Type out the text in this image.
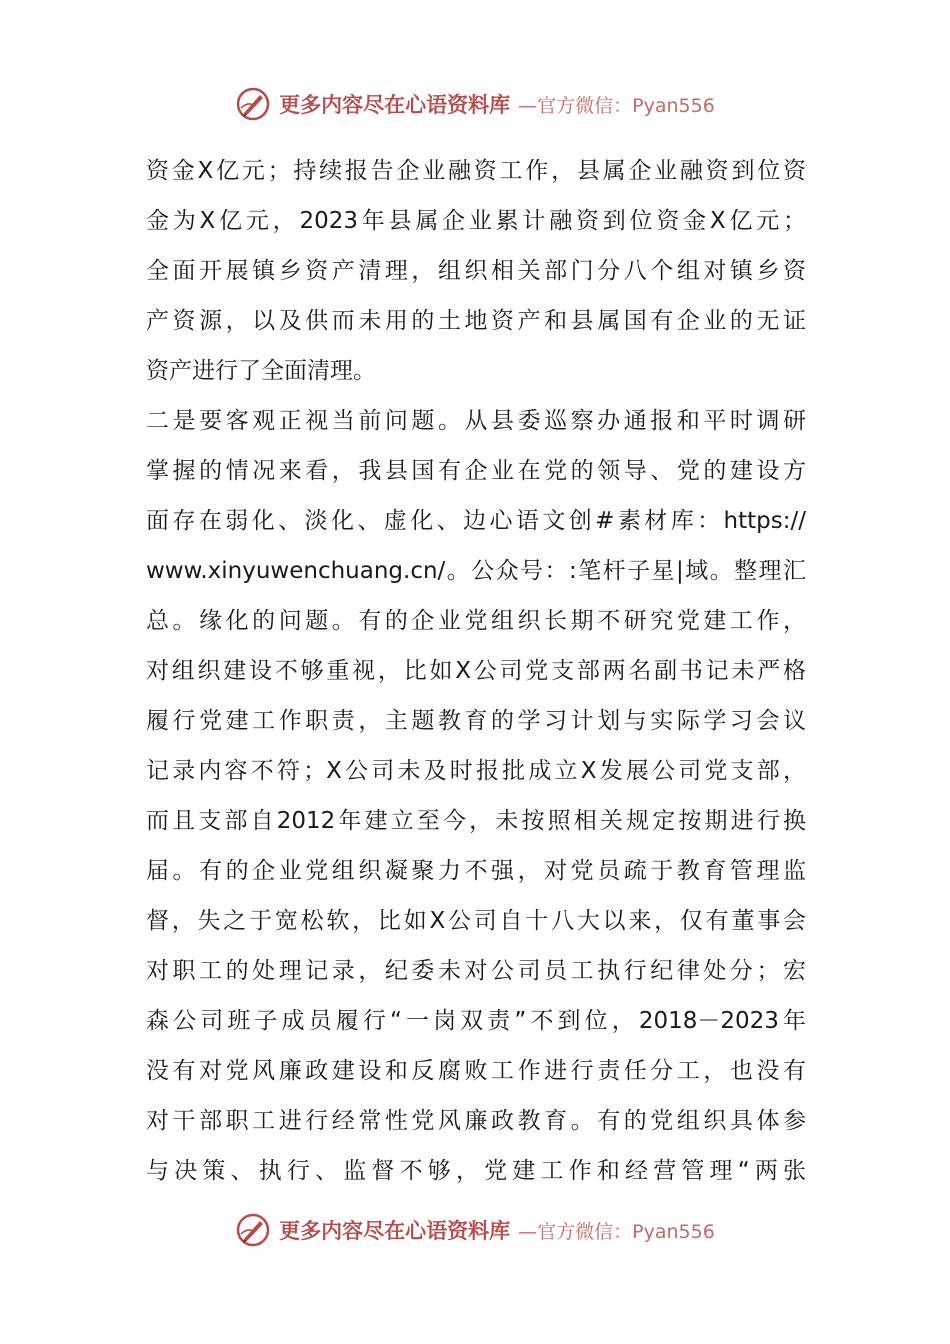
更多内容尽在心语资料库 —官方微信：Pyan556
资金X亿元；持续报告企业融资工作，县属企业融资到位资
金为X亿元，2023年县属企业累计融资到位资金X亿元；
全面开展镇乡资产清理，组织相关部门分八个组对镇乡资
产资源，以及供而未用的土地资产和县属国有企业的无证
资产进行了全面清理。
二是要客观正视当前问题。从县委巡察办通报和平时调研
掌握的情况来看，我县国有企业在党的领导、党的建设方
面存在弱化、淡化、虚化、边心语文创#素材库：https://
www.xinyuwenchuang.cn/。公众号：:笔杆子星|域。整理汇
总。缘化的问题。有的企业党组织长期不研究党建工作，
对组织建设不够重视，比如X公司党支部两名副书记未严格
履行党建工作职责，主题教育的学习计划与实际学习会议
记录内容不符；X公司未及时报批成立X发展公司党支部，
而且支部自2012年建立至今，未按照相关规定按期进行换
届。有的企业党组织凝聚力不强，对党员疏于教育管理监
督，失之于宽松软，比如X公司自十八大以来，仅有董事会
对职工的处理记录，纪委未对公司员工执行纪律处分；宏
森公司班子成员履行“一岗双责”不到位，2018－2023年
没有对党风廉政建设和反腐败工作进行责任分工，也没有
对干部职工进行经常性党风廉政教育。有的党组织具体参
与决策、执行、监督不够，党建工作和经营管理“两张
更多内容尽在心语资料库 —官方微信：Pyan556
